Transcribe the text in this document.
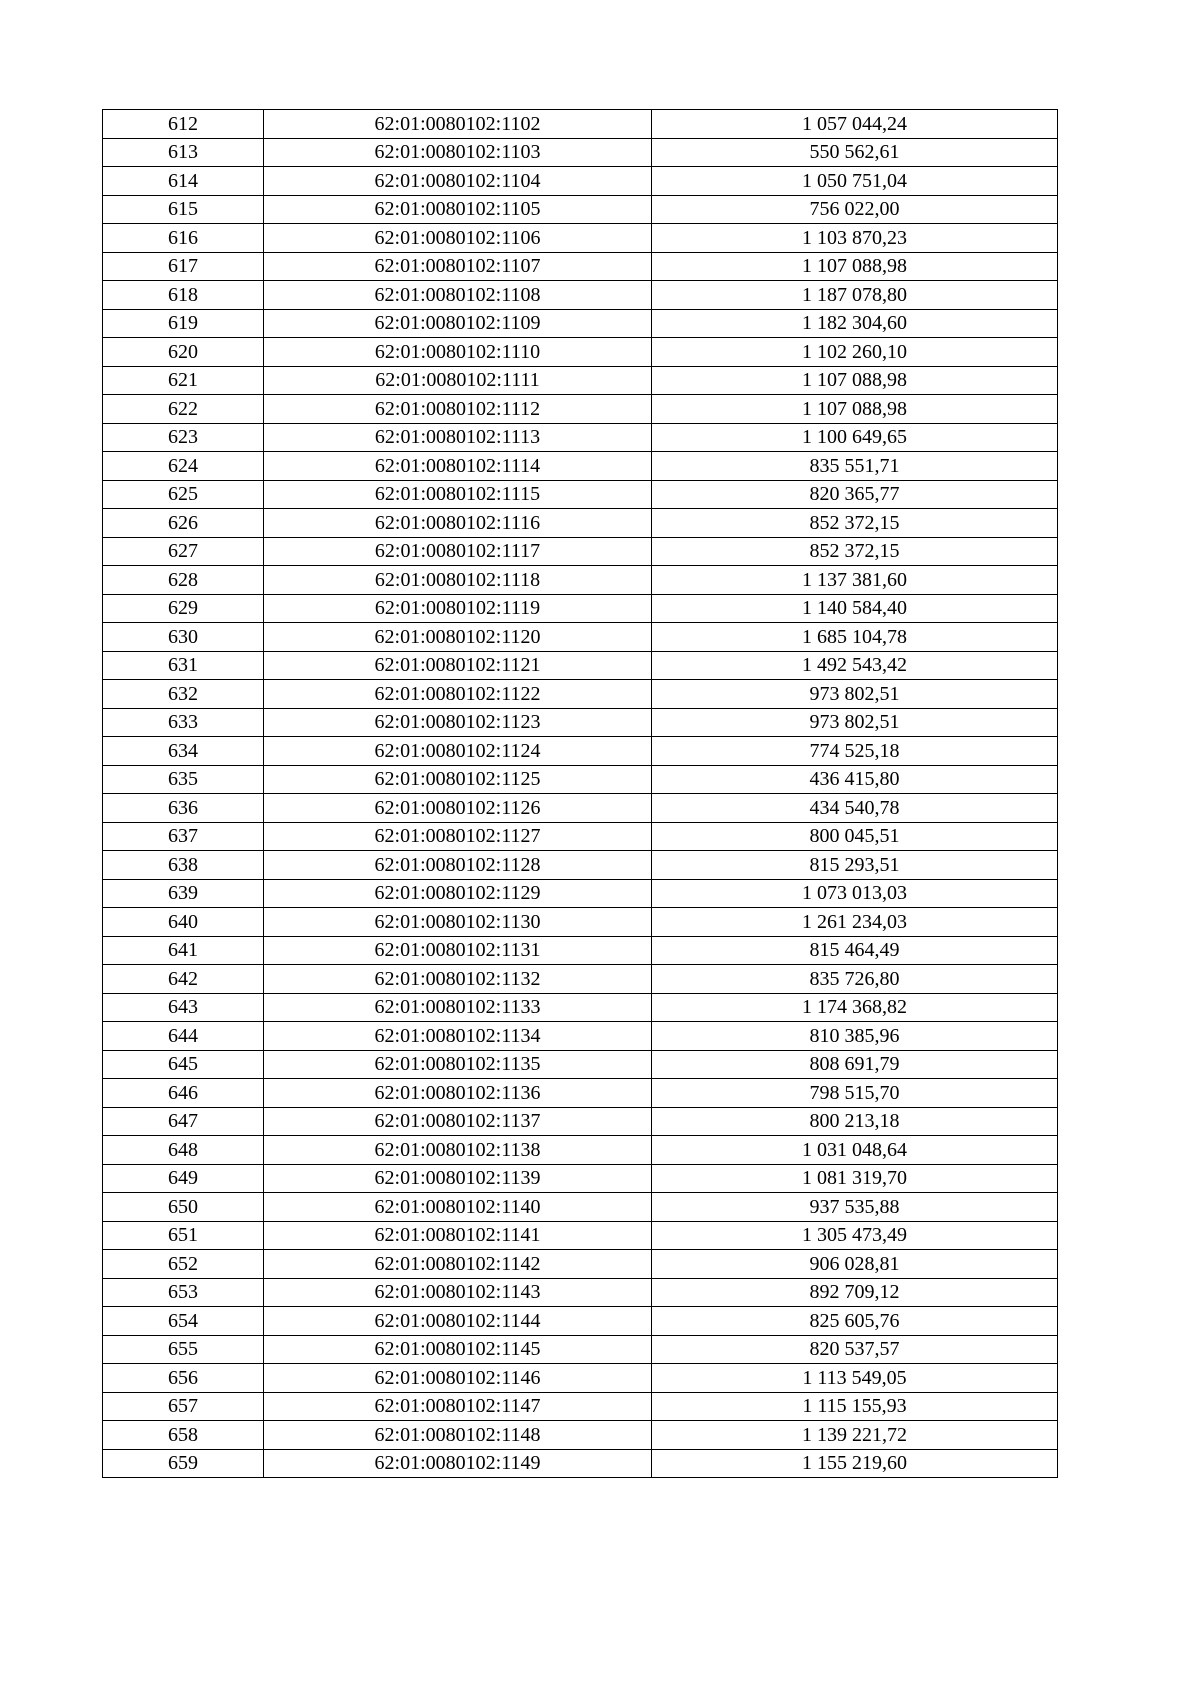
612	62:01:0080102:1102	1 057 044,24
613	62:01:0080102:1103	550 562,61
614	62:01:0080102:1104	1 050 751,04
615	62:01:0080102:1105	756 022,00
616	62:01:0080102:1106	1 103 870,23
617	62:01:0080102:1107	1 107 088,98
618	62:01:0080102:1108	1 187 078,80
619	62:01:0080102:1109	1 182 304,60
620	62:01:0080102:1110	1 102 260,10
621	62:01:0080102:1111	1 107 088,98
622	62:01:0080102:1112	1 107 088,98
623	62:01:0080102:1113	1 100 649,65
624	62:01:0080102:1114	835 551,71
625	62:01:0080102:1115	820 365,77
626	62:01:0080102:1116	852 372,15
627	62:01:0080102:1117	852 372,15
628	62:01:0080102:1118	1 137 381,60
629	62:01:0080102:1119	1 140 584,40
630	62:01:0080102:1120	1 685 104,78
631	62:01:0080102:1121	1 492 543,42
632	62:01:0080102:1122	973 802,51
633	62:01:0080102:1123	973 802,51
634	62:01:0080102:1124	774 525,18
635	62:01:0080102:1125	436 415,80
636	62:01:0080102:1126	434 540,78
637	62:01:0080102:1127	800 045,51
638	62:01:0080102:1128	815 293,51
639	62:01:0080102:1129	1 073 013,03
640	62:01:0080102:1130	1 261 234,03
641	62:01:0080102:1131	815 464,49
642	62:01:0080102:1132	835 726,80
643	62:01:0080102:1133	1 174 368,82
644	62:01:0080102:1134	810 385,96
645	62:01:0080102:1135	808 691,79
646	62:01:0080102:1136	798 515,70
647	62:01:0080102:1137	800 213,18
648	62:01:0080102:1138	1 031 048,64
649	62:01:0080102:1139	1 081 319,70
650	62:01:0080102:1140	937 535,88
651	62:01:0080102:1141	1 305 473,49
652	62:01:0080102:1142	906 028,81
653	62:01:0080102:1143	892 709,12
654	62:01:0080102:1144	825 605,76
655	62:01:0080102:1145	820 537,57
656	62:01:0080102:1146	1 113 549,05
657	62:01:0080102:1147	1 115 155,93
658	62:01:0080102:1148	1 139 221,72
659	62:01:0080102:1149	1 155 219,60
